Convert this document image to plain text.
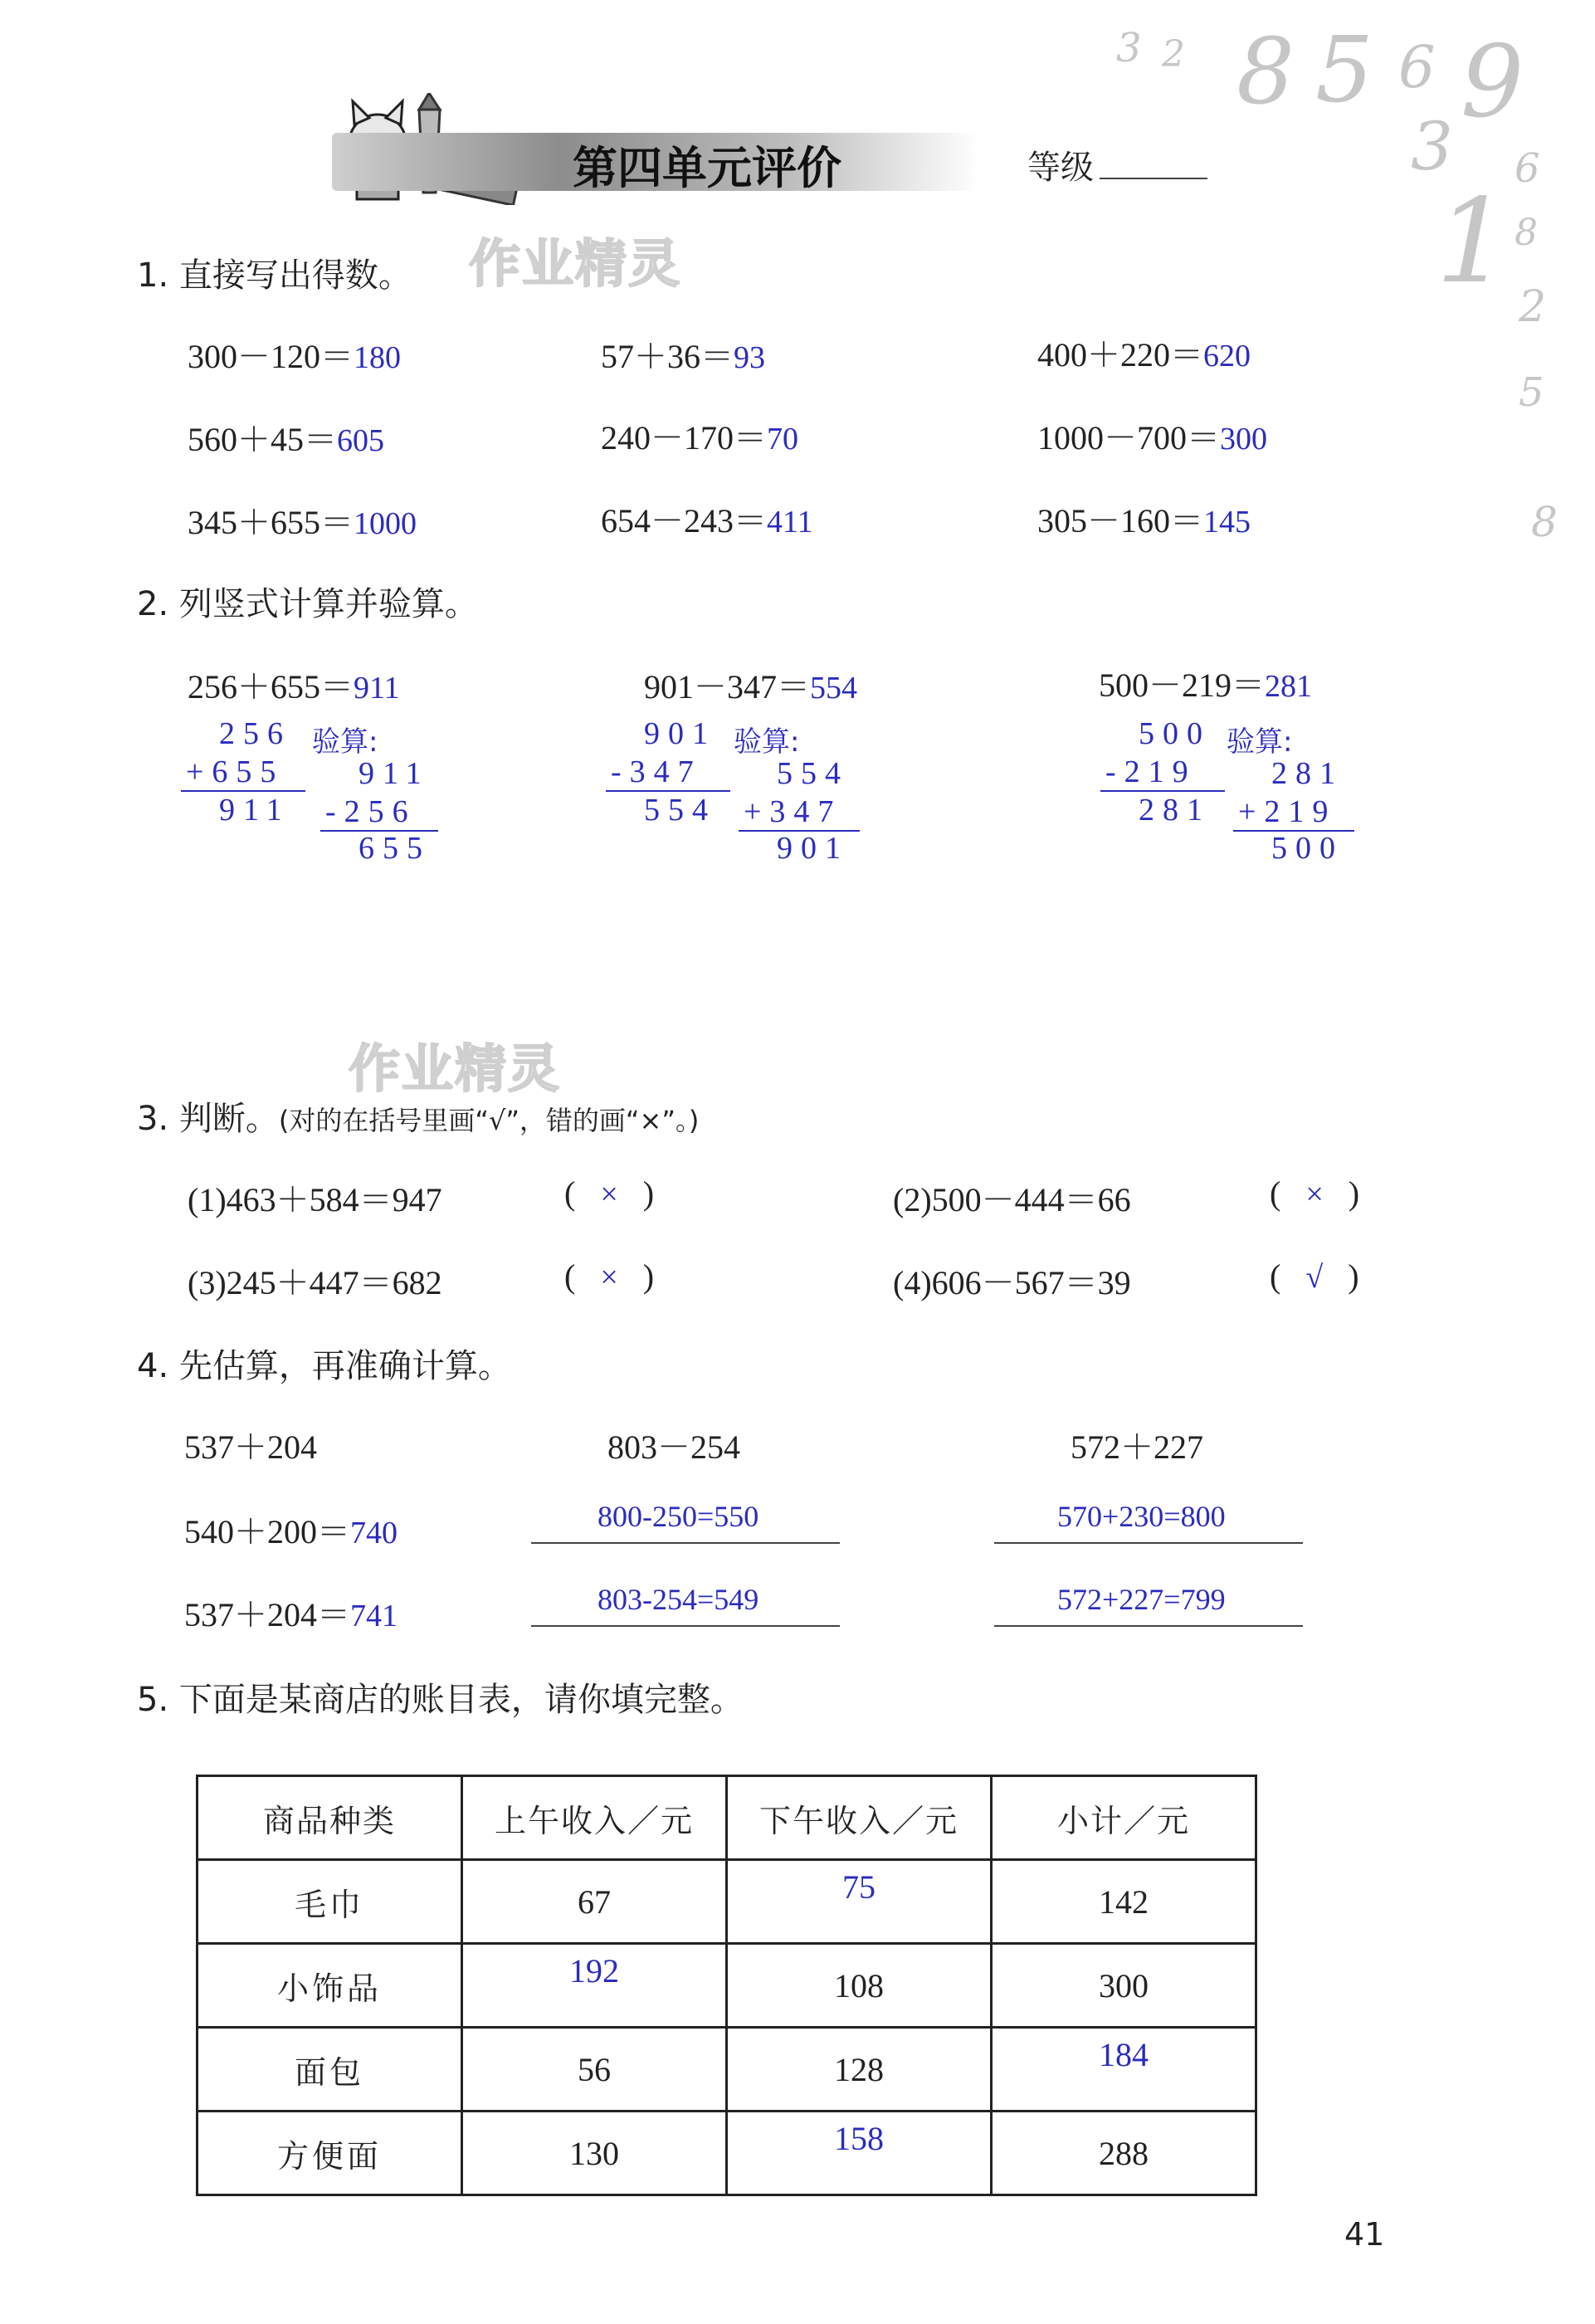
第四单元评价	等级
3 2 8 5 6 9
3 6
1 8
2
5
8
作业精灵
作业精灵
1. 直接写出得数。
300－120＝180	57＋36＝93	400＋220＝620
560＋45＝605	240－170＝70	1000－700＝300
345＋655＝1000	654－243＝411	305－160＝145
2. 列竖式计算并验算。
256＋655＝911
256
+655
911
验算:
911
-256
655
901－347＝554
901
-347
554
验算:
554
+347
901
500－219＝281
500
-219
281
验算:
281
+219
500
3. 判断。(对的在括号里画“√”，错的画“×”。)
(1)463＋584＝947	(   ×   )	(2)500－444＝66	(   ×   )
(3)245＋447＝682	(   ×   )	(4)606－567＝39	(   √   )
4. 先估算，再准确计算。
537＋204	803－254	572＋227
540＋200＝740
537＋204＝741
800-250=550
803-254=549
570+230=800
572+227=799
5. 下面是某商店的账目表，请你填完整。
商品种类	上午收入／元	下午收入／元	小计／元
毛巾	67	75	142
小饰品	192	108	300
面包	56	128	184

方便面	130	158	288
41
